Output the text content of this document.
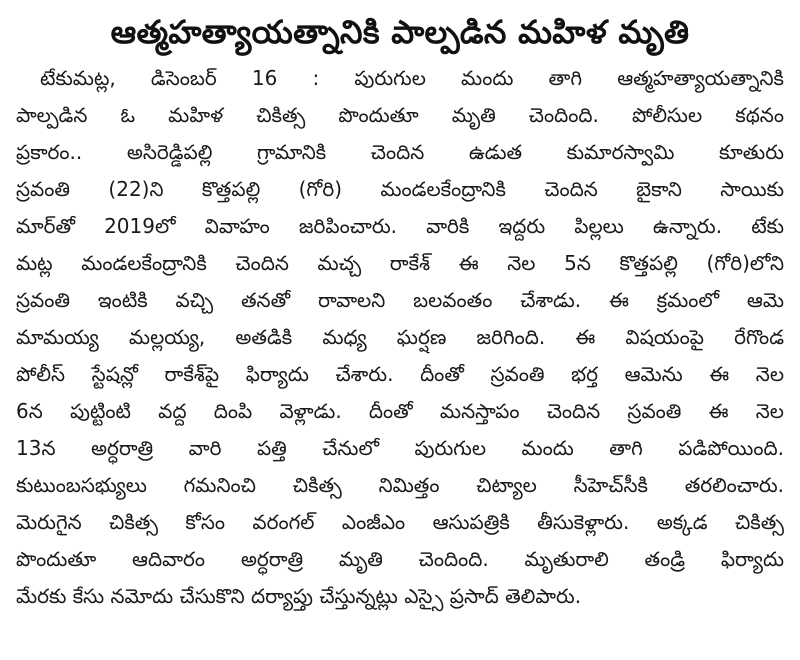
ఆత్మహత్యాయత్నానికి పాల్పడిన మహిళ మృతి
టేకుమట్ల, డిసెంబర్ 16 : పురుగుల మందు తాగి ఆత్మహత్యాయత్నానికి
పాల్పడిన ఓ మహిళ చికిత్స పొందుతూ మృతి చెందింది. పోలీసుల కథనం
ప్రకారం.. అసిరెడ్డిపల్లి గ్రామానికి చెందిన ఉడుత కుమారస్వామి కూతురు
స్రవంతి (22)ని కొత్తపల్లి (గోరి) మండలకేంద్రానికి చెందిన బైకాని సాయికు
మార్‌తో 2019లో వివాహం జరిపించారు. వారికి ఇద్దరు పిల్లలు ఉన్నారు. టేకు
మట్ల మండలకేంద్రానికి చెందిన మచ్చ రాకేశ్ ఈ నెల 5న కొత్తపల్లి (గోరి)లోని
స్రవంతి ఇంటికి వచ్చి తనతో రావాలని బలవంతం చేశాడు. ఈ క్రమంలో ఆమె
మామయ్య మల్లయ్య, అతడికి మధ్య ఘర్షణ జరిగింది. ఈ విషయంపై రేగొండ
పోలీస్ స్టేషన్లో రాకేశ్‌పై ఫిర్యాదు చేశారు. దీంతో స్రవంతి భర్త ఆమెను ఈ నెల
6న పుట్టింటి వద్ద దింపి వెళ్లాడు. దీంతో మనస్తాపం చెందిన స్రవంతి ఈ నెల
13న అర్ధరాత్రి వారి పత్తి చేనులో పురుగుల మందు తాగి పడిపోయింది.
కుటుంబసభ్యులు గమనించి చికిత్స నిమిత్తం చిట్యాల సీహెచ్‌సీకి తరలించారు.
మెరుగైన చికిత్స కోసం వరంగల్ ఎంజీఎం ఆసుపత్రికి తీసుకెళ్లారు. అక్కడ చికిత్స
పొందుతూ ఆదివారం అర్ధరాత్రి మృతి చెందింది. మృతురాలి తండ్రి ఫిర్యాదు
మేరకు కేసు నమోదు చేసుకొని దర్యాప్తు చేస్తున్నట్లు ఎస్సై ప్రసాద్ తెలిపారు.
